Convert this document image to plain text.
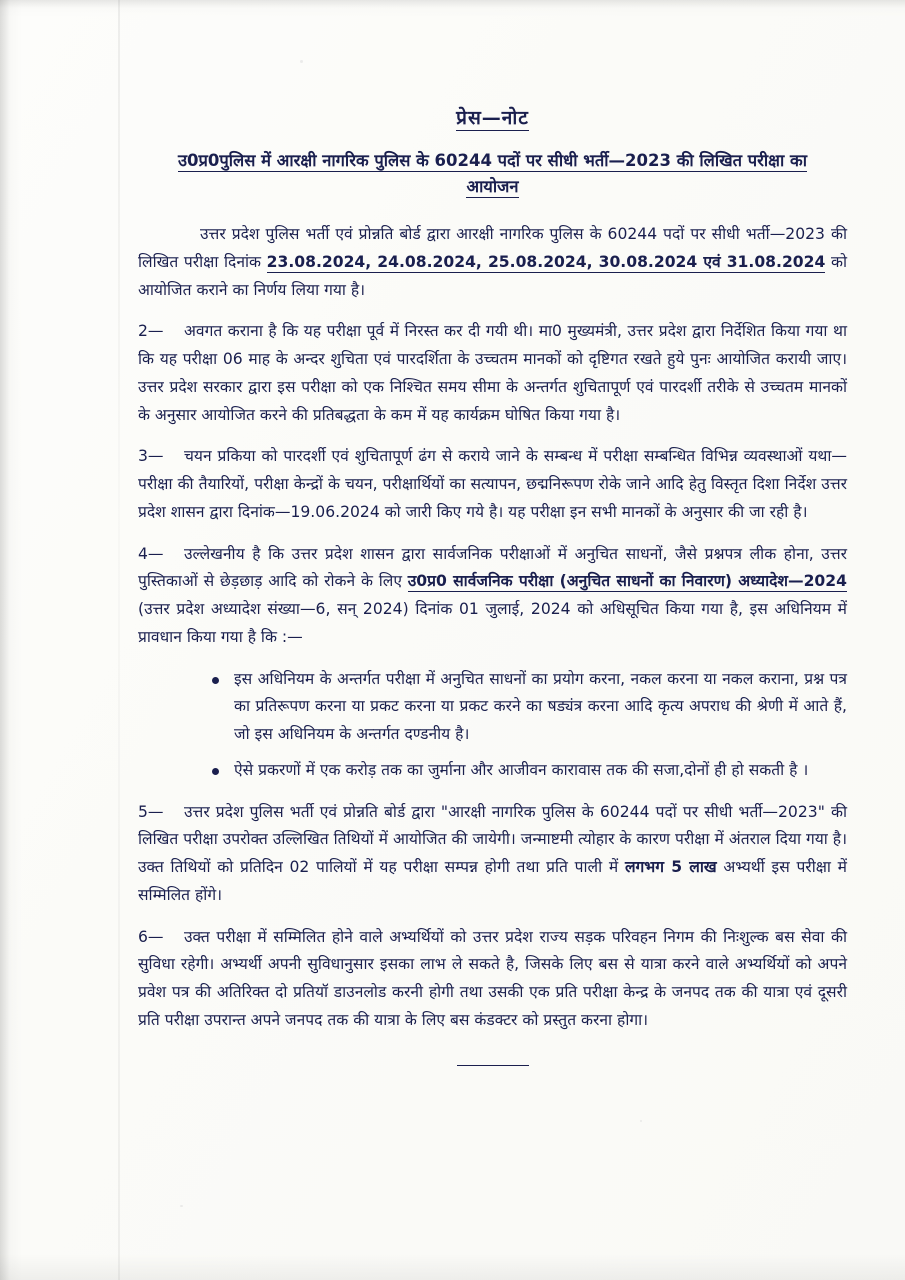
प्रेस—नोट
उ0प्र0पुलिस में आरक्षी नागरिक पुलिस के 60244 पदों पर सीधी भर्ती—2023 की लिखित परीक्षा का आयोजन

उत्तर प्रदेश पुलिस भर्ती एवं प्रोन्नति बोर्ड द्वारा आरक्षी नागरिक पुलिस के 60244 पदों पर सीधी भर्ती—2023 की लिखित परीक्षा दिनांक 23.08.2024, 24.08.2024, 25.08.2024, 30.08.2024 एवं 31.08.2024 को आयोजित कराने का निर्णय लिया गया है।

2— अवगत कराना है कि यह परीक्षा पूर्व में निरस्त कर दी गयी थी। मा0 मुख्यमंत्री, उत्तर प्रदेश द्वारा निर्देशित किया गया था कि यह परीक्षा 06 माह के अन्दर शुचिता एवं पारदर्शिता के उच्चतम मानकों को दृष्टिगत रखते हुये पुनः आयोजित करायी जाए। उत्तर प्रदेश सरकार द्वारा इस परीक्षा को एक निश्चित समय सीमा के अन्तर्गत शुचितापूर्ण एवं पारदर्शी तरीके से उच्चतम मानकों के अनुसार आयोजित करने की प्रतिबद्धता के कम में यह कार्यक्रम घोषित किया गया है।

3— चयन प्रकिया को पारदर्शी एवं शुचितापूर्ण ढंग से कराये जाने के सम्बन्ध में परीक्षा सम्बन्धित विभिन्न व्यवस्थाओं यथा—परीक्षा की तैयारियों, परीक्षा केन्द्रों के चयन, परीक्षार्थियों का सत्यापन, छद्मनिरूपण रोके जाने आदि हेतु विस्तृत दिशा निर्देश उत्तर प्रदेश शासन द्वारा दिनांक—19.06.2024 को जारी किए गये है। यह परीक्षा इन सभी मानकों के अनुसार की जा रही है।

4— उल्लेखनीय है कि उत्तर प्रदेश शासन द्वारा सार्वजनिक परीक्षाओं में अनुचित साधनों, जैसे प्रश्नपत्र लीक होना, उत्तर पुस्तिकाओं से छेड़छाड़ आदि को रोकने के लिए उ0प्र0 सार्वजनिक परीक्षा (अनुचित साधनों का निवारण) अध्यादेश—2024 (उत्तर प्रदेश अध्यादेश संख्या—6, सन् 2024) दिनांक 01 जुलाई, 2024 को अधिसूचित किया गया है, इस अधिनियम में प्रावधान किया गया है कि :—

इस अधिनियम के अन्तर्गत परीक्षा में अनुचित साधनों का प्रयोग करना, नकल करना या नकल कराना, प्रश्न पत्र का प्रतिरूपण करना या प्रकट करना या प्रकट करने का षड्यंत्र करना आदि कृत्य अपराध की श्रेणी में आते हैं, जो इस अधिनियम के अन्तर्गत दण्डनीय है।
ऐसे प्रकरणों में एक करोड़ तक का जुर्माना और आजीवन कारावास तक की सजा,दोनों ही हो सकती है ।

5— उत्तर प्रदेश पुलिस भर्ती एवं प्रोन्नति बोर्ड द्वारा "आरक्षी नागरिक पुलिस के 60244 पदों पर सीधी भर्ती—2023" की लिखित परीक्षा उपरोक्त उल्लिखित तिथियों में आयोजित की जायेगी। जन्माष्टमी त्योहार के कारण परीक्षा में अंतराल दिया गया है। उक्त तिथियों को प्रतिदिन 02 पालियों में यह परीक्षा सम्पन्न होगी तथा प्रति पाली में लगभग 5 लाख अभ्यर्थी इस परीक्षा में सम्मिलित होंगे।

6— उक्त परीक्षा में सम्मिलित होने वाले अभ्यर्थियों को उत्तर प्रदेश राज्य सड़क परिवहन निगम की निःशुल्क बस सेवा की सुविधा रहेगी। अभ्यर्थी अपनी सुविधानुसार इसका लाभ ले सकते है, जिसके लिए बस से यात्रा करने वाले अभ्यर्थियों को अपने प्रवेश पत्र की अतिरिक्त दो प्रतियॉ डाउनलोड करनी होगी तथा उसकी एक प्रति परीक्षा केन्द्र के जनपद तक की यात्रा एवं दूसरी प्रति परीक्षा उपरान्त अपने जनपद तक की यात्रा के लिए बस कंडक्टर को प्रस्तुत करना होगा।
